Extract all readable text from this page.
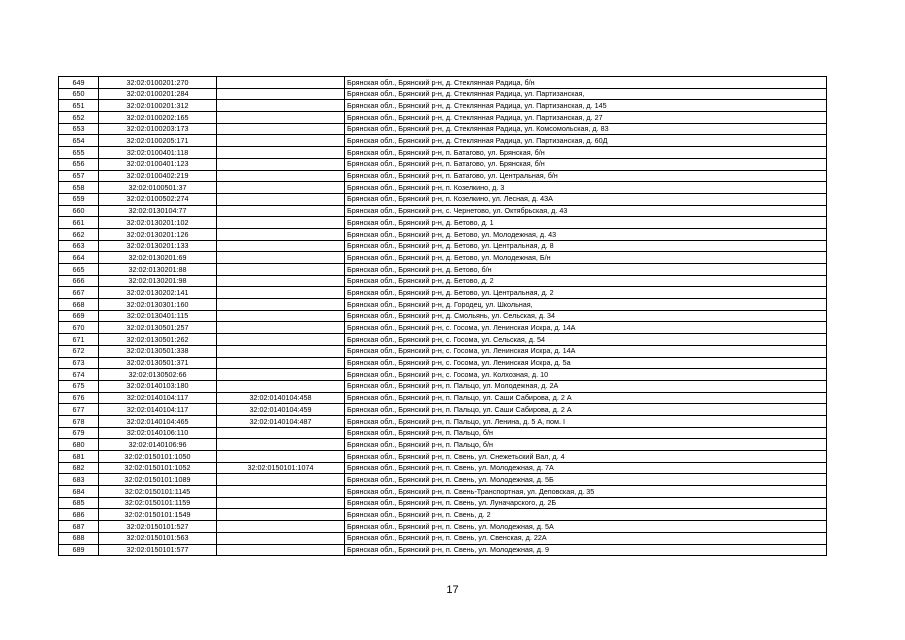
649	32:02:0100201:270		Брянская обл., Брянский р-н, д. Стеклянная Радица, б/н
650	32:02:0100201:284		Брянская обл., Брянский р-н, д. Стеклянная Радица, ул. Партизанская,
651	32:02:0100201:312		Брянская обл., Брянский р-н, д. Стеклянная Радица, ул. Партизанская, д. 145
652	32:02:0100202:165		Брянская обл., Брянский р-н, д. Стеклянная Радица, ул. Партизанская, д. 27
653	32:02:0100203:173		Брянская обл., Брянский р-н, д. Стеклянная Радица, ул. Комсомольская, д. 83
654	32:02:0100205:171		Брянская обл., Брянский р-н, д. Стеклянная Радица, ул. Партизанская, д. 60Д
655	32:02:0100401:118		Брянская обл., Брянский р-н, п. Батагово, ул. Брянская, б/н
656	32:02:0100401:123		Брянская обл., Брянский р-н, п. Батагово, ул. Брянская, б/н
657	32:02:0100402:219		Брянская обл., Брянский р-н, п. Батагово, ул. Центральная, б/н
658	32:02:0100501:37		Брянская обл., Брянский р-н, п. Козелкино, д. 3
659	32:02:0100502:274		Брянская обл., Брянский р-н, п. Козелкино, ул. Лесная, д. 43А
660	32:02:0130104:77		Брянская обл., Брянский р-н, с. Чернетово, ул. Октябрьская, д. 43
661	32:02:0130201:102		Брянская обл., Брянский р-н, д. Бетово, д. 1
662	32:02:0130201:126		Брянская обл., Брянский р-н, д. Бетово, ул. Молодежная, д. 43
663	32:02:0130201:133		Брянская обл., Брянский р-н, д. Бетово, ул. Центральная, д. 8
664	32:02:0130201:69		Брянская обл., Брянский р-н, д. Бетово, ул. Молодежная, Б/н
665	32:02:0130201:88		Брянская обл., Брянский р-н, д. Бетово, б/н
666	32:02:0130201:98		Брянская обл., Брянский р-н, д. Бетово, д. 2
667	32:02:0130202:141		Брянская обл., Брянский р-н, д. Бетово, ул. Центральная, д. 2
668	32:02:0130301:160		Брянская обл., Брянский р-н, д. Городец, ул. Школьная,
669	32:02:0130401:115		Брянская обл., Брянский р-н, д. Смольянь, ул. Сельская, д. 34
670	32:02:0130501:257		Брянская обл., Брянский р-н, с. Госома, ул. Ленинская Искра, д. 14А
671	32:02:0130501:262		Брянская обл., Брянский р-н, с. Госома, ул. Сельская, д. 54
672	32:02:0130501:338		Брянская обл., Брянский р-н, с. Госома, ул. Ленинская Искра, д. 14А
673	32:02:0130501:371		Брянская обл., Брянский р-н, с. Госома, ул. Ленинская Искра, д. 5а
674	32:02:0130502:66		Брянская обл., Брянский р-н, с. Госома, ул. Колхозная, д. 10
675	32:02:0140103:180		Брянская обл., Брянский р-н, п. Пальцо, ул. Молодежная, д. 2А
676	32:02:0140104:117	32:02:0140104:458	Брянская обл., Брянский р-н, п. Пальцо, ул. Саши Сабирова, д. 2 А
677	32:02:0140104:117	32:02:0140104:459	Брянская обл., Брянский р-н, п. Пальцо, ул. Саши Сабирова, д. 2 А
678	32:02:0140104:465	32:02:0140104:487	Брянская обл., Брянский р-н, п. Пальцо, ул. Ленина, д. 5 А, пом. I
679	32:02:0140106:110		Брянская обл., Брянский р-н, п. Пальцо, б/н
680	32:02:0140106:96		Брянская обл., Брянский р-н, п. Пальцо, б/н
681	32:02:0150101:1050		Брянская обл., Брянский р-н, п. Свень, ул. Снежетьский Вал, д. 4
682	32:02:0150101:1052	32:02:0150101:1074	Брянская обл., Брянский р-н, п. Свень, ул. Молодежная, д. 7А
683	32:02:0150101:1089		Брянская обл., Брянский р-н, п. Свень, ул. Молодежная, д. 5Б
684	32:02:0150101:1145		Брянская обл., Брянский р-н, п. Свень-Транспортная, ул. Деповская, д. 35
685	32:02:0150101:1159		Брянская обл., Брянский р-н, п. Свень, ул. Луначарского, д. 2Б
686	32:02:0150101:1549		Брянская обл., Брянский р-н, п. Свень, д. 2
687	32:02:0150101:527		Брянская обл., Брянский р-н, п. Свень, ул. Молодежная, д. 5А
688	32:02:0150101:563		Брянская обл., Брянский р-н, п. Свень, ул. Свенская, д. 22А
689	32:02:0150101:577		Брянская обл., Брянский р-н, п. Свень, ул. Молодежная, д. 9
17
